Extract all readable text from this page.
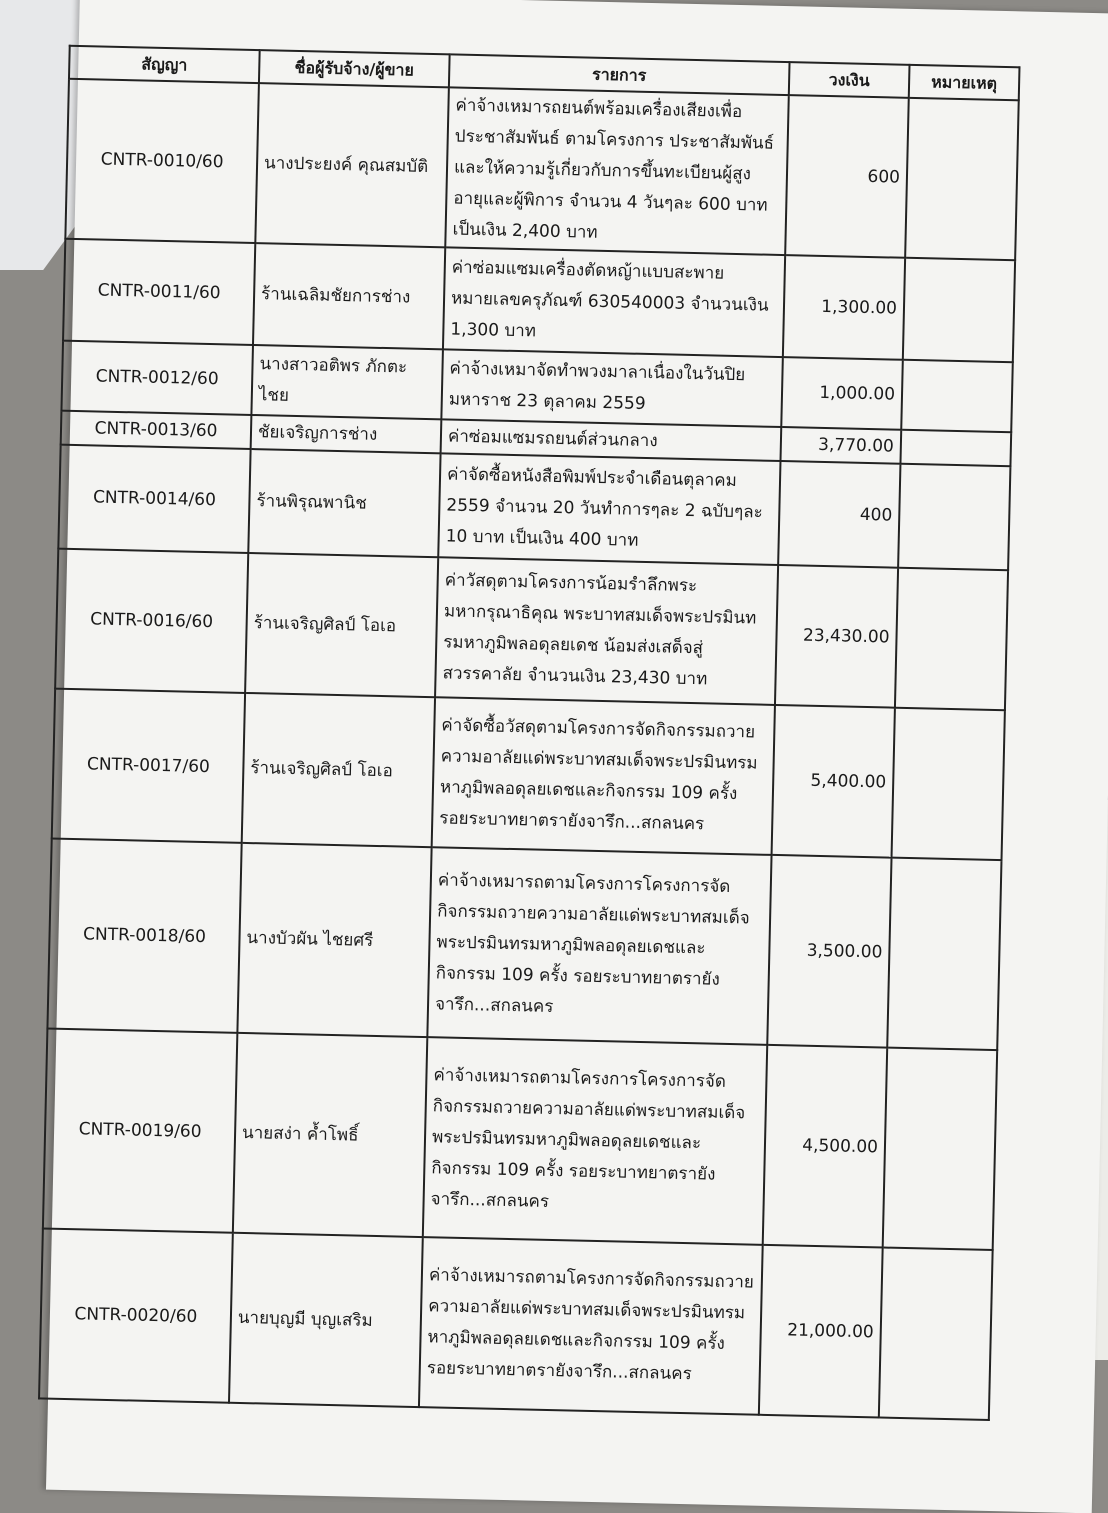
สัญญา	ชื่อผู้รับจ้าง/ผู้ขาย	รายการ	วงเงิน	หมายเหตุ
CNTR-0010/60	นางประยงค์ คุณสมบัติ	ค่าจ้างเหมารถยนต์พร้อมเครื่องเสียงเพื่อประชาสัมพันธ์ ตามโครงการ ประชาสัมพันธ์และให้ความรู้เกี่ยวกับการขึ้นทะเบียนผู้สูงอายุและผู้พิการ จำนวน 4 วันๆละ 600 บาท เป็นเงิน 2,400 บาท	600	
CNTR-0011/60	ร้านเฉลิมชัยการช่าง	ค่าซ่อมแซมเครื่องตัดหญ้าแบบสะพายหมายเลขครุภัณฑ์ 630540003 จำนวนเงิน 1,300 บาท	1,300.00	
CNTR-0012/60	นางสาวอติพร ภักตะไชย	ค่าจ้างเหมาจัดทำพวงมาลาเนื่องในวันปิยมหาราช 23 ตุลาคม 2559	1,000.00	
CNTR-0013/60	ชัยเจริญการช่าง	ค่าซ่อมแซมรถยนต์ส่วนกลาง	3,770.00	
CNTR-0014/60	ร้านพิรุณพานิช	ค่าจัดซื้อหนังสือพิมพ์ประจำเดือนตุลาคม 2559 จำนวน 20 วันทำการๆละ 2 ฉบับๆละ 10 บาท เป็นเงิน 400 บาท	400	
CNTR-0016/60	ร้านเจริญศิลป์ โอเอ	ค่าวัสดุตามโครงการน้อมรำลึกพระมหากรุณาธิคุณ พระบาทสมเด็จพระปรมินทรมหาภูมิพลอดุลยเดช น้อมส่งเสด็จสู่สวรรคาลัย จำนวนเงิน 23,430 บาท	23,430.00	
CNTR-0017/60	ร้านเจริญศิลป์ โอเอ	ค่าจัดซื้อวัสดุตามโครงการจัดกิจกรรมถวายความอาลัยแด่พระบาทสมเด็จพระปรมินทรมหาภูมิพลอดุลยเดชและกิจกรรม 109 ครั้ง รอยระบาทยาตรายังจารึก...สกลนคร	5,400.00	
CNTR-0018/60	นางบัวผัน ไชยศรี	ค่าจ้างเหมารถตามโครงการโครงการจัดกิจกรรมถวายความอาลัยแด่พระบาทสมเด็จพระปรมินทรมหาภูมิพลอดุลยเดชและกิจกรรม 109 ครั้ง รอยระบาทยาตรายังจารึก...สกลนคร	3,500.00	
CNTR-0019/60	นายสง่า ค้ำโพธิ์	ค่าจ้างเหมารถตามโครงการโครงการจัดกิจกรรมถวายความอาลัยแด่พระบาทสมเด็จพระปรมินทรมหาภูมิพลอดุลยเดชและกิจกรรม 109 ครั้ง รอยระบาทยาตรายังจารึก...สกลนคร	4,500.00	
CNTR-0020/60	นายบุญมี บุญเสริม	ค่าจ้างเหมารถตามโครงการจัดกิจกรรมถวายความอาลัยแด่พระบาทสมเด็จพระปรมินทรมหาภูมิพลอดุลยเดชและกิจกรรม 109 ครั้ง รอยระบาทยาตรายังจารึก...สกลนคร	21,000.00	
